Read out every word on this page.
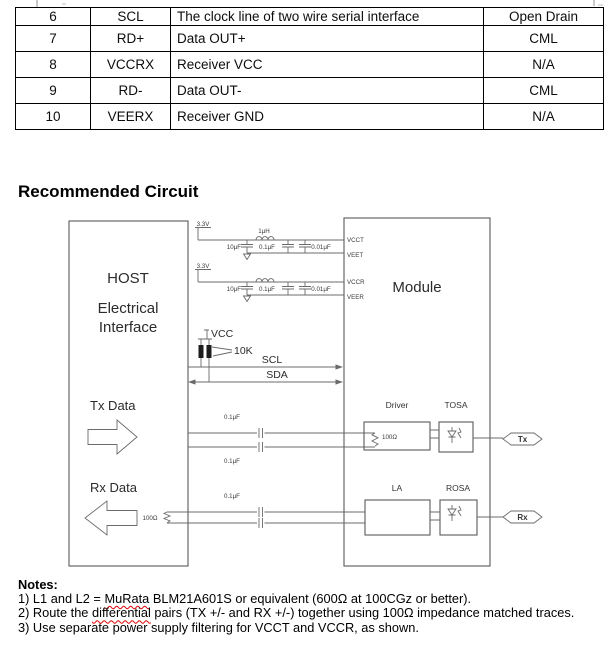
6	SCL	The clock line of two wire serial interface	Open Drain
7	RD+	Data OUT+	CML
8	VCCRX	Receiver VCC	N/A
9	RD-	Data OUT-	CML
10	VEERX	Receiver GND	N/A
Recommended Circuit
HOST
Electrical
Interface
Module
3.3V
1μH
10μF	0.1μF	0.01μF
VCCT
VEET
3.3V
10μF	0.1μF	0.01μF
VCCR
VEER
VCC
10K
SCL
SDA
Tx Data
0.1μF
0.1μF
Driver
100Ω
TOSA
Tx
Rx Data
100Ω
0.1μF
LA	ROSA
Rx
Notes:
1) L1 and L2 = MuRata BLM21A601S or equivalent (600Ω at 100CGz or better).
2) Route the differential pairs (TX +/- and RX +/-) together using 100Ω impedance matched traces.
3) Use separate power supply filtering for VCCT and VCCR, as shown.
